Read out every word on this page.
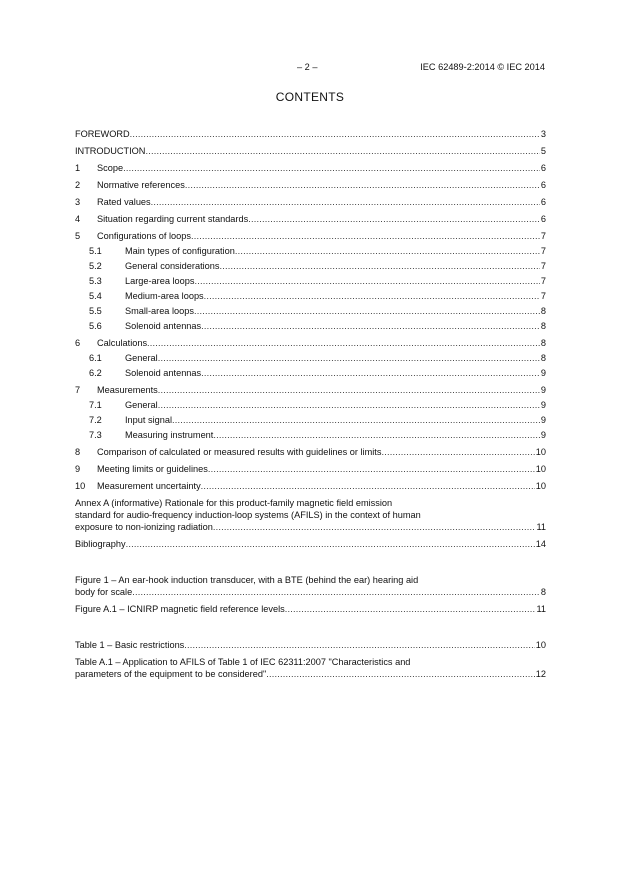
– 2 –	IEC 62489-2:2014 © IEC 2014
CONTENTS
FOREWORD .....	3
INTRODUCTION .....	5
1	Scope .....	6
2	Normative references .....	6
3	Rated values .....	6
4	Situation regarding current standards .....	6
5	Configurations of loops .....	7
5.1	Main types of configuration .....	7
5.2	General considerations .....	7
5.3	Large-area loops .....	7
5.4	Medium-area loops .....	7
5.5	Small-area loops .....	8
5.6	Solenoid antennas .....	8
6	Calculations .....	8
6.1	General .....	8
6.2	Solenoid antennas .....	9
7	Measurements .....	9
7.1	General .....	9
7.2	Input signal .....	9
7.3	Measuring instrument .....	9
8	Comparison of calculated or measured results with guidelines or limits .....	10
9	Meeting limits or guidelines .....	10
10	Measurement uncertainty .....	10
Annex A (informative) Rationale for this product-family magnetic field emission
standard for audio-frequency induction-loop systems (AFILS) in the context of human
exposure to non-ionizing radiation .....	11
Bibliography .....	14
Figure 1 – An ear-hook induction transducer, with a BTE (behind the ear) hearing aid
body for scale .....	8
Figure A.1 – ICNIRP magnetic field reference levels .....	11
Table 1 – Basic restrictions .....	10
Table A.1 – Application to AFILS of Table 1 of IEC 62311:2007 "Characteristics and
parameters of the equipment to be considered" .....	12
